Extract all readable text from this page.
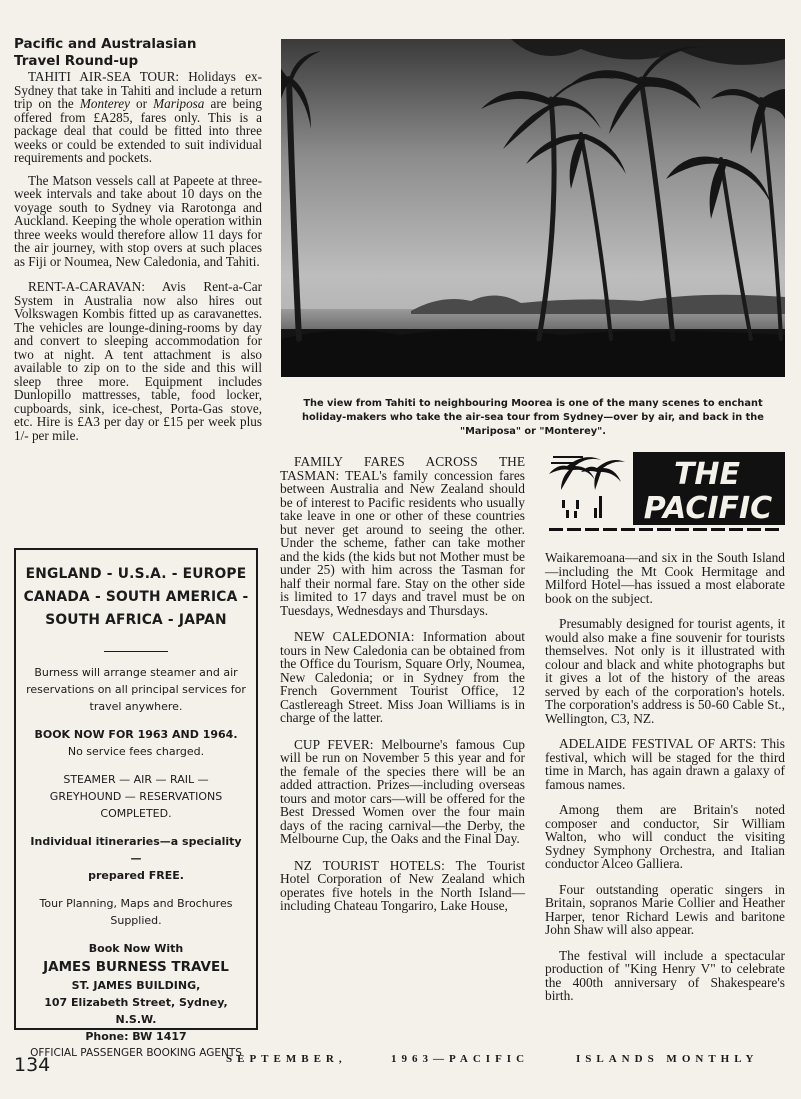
Pacific and Australasian

Travel Round-up

TAHITI AIR-SEA TOUR: Holidays ex-Sydney that take in Tahiti and include a return trip on the Monterey or Mariposa are being offered from £A285, fares only. This is a package deal that could be fitted into three weeks or could be extended to suit individual requirements and pockets.

The Matson vessels call at Papeete at three-week intervals and take about 10 days on the voyage south to Sydney via Rarotonga and Auckland. Keeping the whole operation within three weeks would therefore allow 11 days for the air journey, with stop overs at such places as Fiji or Noumea, New Caledonia, and Tahiti.

RENT-A-CARAVAN: Avis Rent-a-Car System in Australia now also hires out Volkswagen Kombis fitted up as caravanettes. The vehicles are lounge-dining-rooms by day and convert to sleeping accommodation for two at night. A tent attachment is also available to zip on to the side and this will sleep three more. Equipment includes Dunlopillo mattresses, table, food locker, cupboards, sink, ice-chest, Porta-Gas stove, etc. Hire is £A3 per day or £15 per week plus 1/- per mile.

ENGLAND - U.S.A. - EUROPE
CANADA - SOUTH AMERICA -
SOUTH AFRICA - JAPAN
Burness will arrange steamer and air reservations on all principal services for travel anywhere.
BOOK NOW FOR 1963 AND 1964.
No service fees charged.
STEAMER — AIR — RAIL —
GREYHOUND — RESERVATIONS
COMPLETED.
Individual itineraries—a speciality—
prepared FREE.
Tour Planning, Maps and Brochures Supplied.
Book Now With
JAMES BURNESS TRAVEL
ST. JAMES BUILDING,
107 Elizabeth Street, Sydney, N.S.W.
Phone: BW 1417
OFFICIAL PASSENGER BOOKING AGENTS
The view from Tahiti to neighbouring Moorea is one of the many scenes to enchant
holiday-makers who take the air-sea tour from Sydney—over by air, and back in the
"Mariposa" or "Monterey".

FAMILY FARES ACROSS THE TASMAN: TEAL's family concession fares between Australia and New Zealand should be of interest to Pacific residents who usually take leave in one or other of these countries but never get around to seeing the other. Under the scheme, father can take mother and the kids (the kids but not Mother must be under 25) with him across the Tasman for half their normal fare. Stay on the other side is limited to 17 days and travel must be on Tuesdays, Wednesdays and Thursdays.

NEW CALEDONIA: Information about tours in New Caledonia can be obtained from the Office du Tourism, Square Orly, Noumea, New Caledonia; or in Sydney from the French Government Tourist Office, 12 Castlereagh Street. Miss Joan Williams is in charge of the latter.

CUP FEVER: Melbourne's famous Cup will be run on November 5 this year and for the female of the species there will be an added attraction. Prizes—including overseas tours and motor cars—will be offered for the Best Dressed Women over the four main days of the racing carnival—the Derby, the Melbourne Cup, the Oaks and the Final Day.

NZ TOURIST HOTELS: The Tourist Hotel Corporation of New Zealand which operates five hotels in the North Island—including Chateau Tongariro, Lake House,

THE
PACIFIC

Waikaremoana—and six in the South Island—including the Mt Cook Hermitage and Milford Hotel—has issued a most elaborate book on the subject.

Presumably designed for tourist agents, it would also make a fine souvenir for tourists themselves. Not only is it illustrated with colour and black and white photographs but it gives a lot of the history of the areas served by each of the corporation's hotels. The corporation's address is 50-60 Cable St., Wellington, C3, NZ.

ADELAIDE FESTIVAL OF ARTS: This festival, which will be staged for the third time in March, has again drawn a galaxy of famous names.

Among them are Britain's noted composer and conductor, Sir William Walton, who will conduct the visiting Sydney Symphony Orchestra, and Italian conductor Alceo Galliera.

Four outstanding operatic singers in Britain, sopranos Marie Collier and Heather Harper, tenor Richard Lewis and baritone John Shaw will also appear.

The festival will include a spectacular production of "King Henry V" to celebrate the 400th anniversary of Shakespeare's birth.

134	SEPTEMBER,	1963—PACIFIC	ISLANDS MONTHLY
